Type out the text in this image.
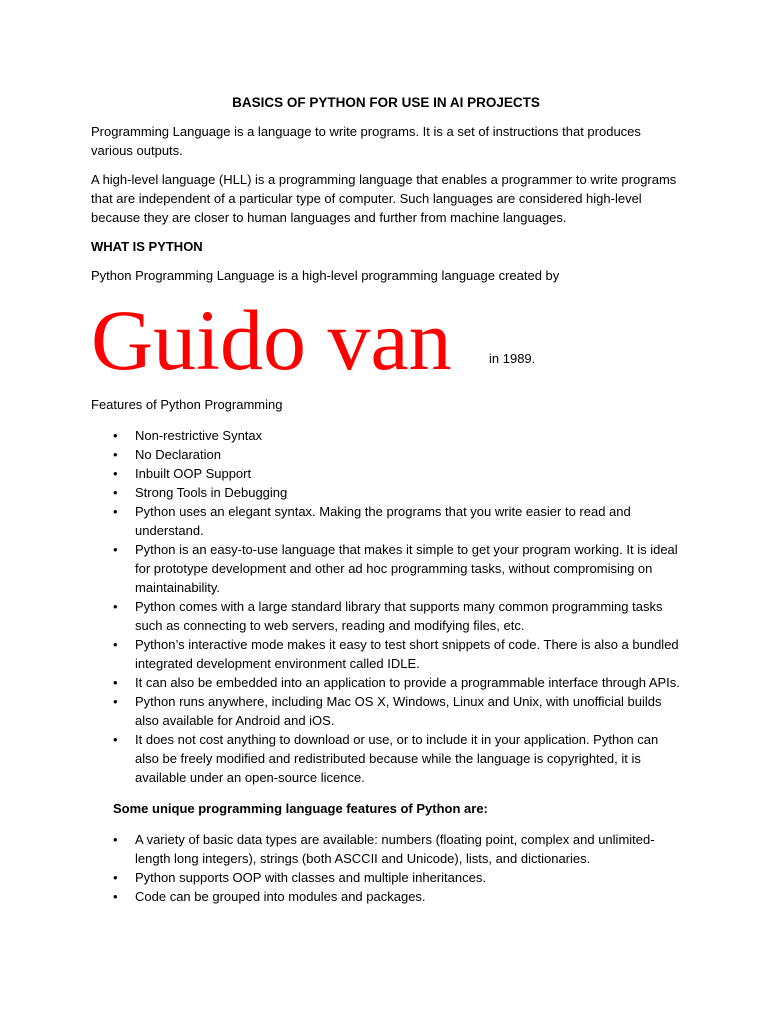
BASICS OF PYTHON FOR USE IN AI PROJECTS

Programming Language is a language to write programs. It is a set of instructions that produces various outputs.

A high-level language (HLL) is a programming language that enables a programmer to write programs that are independent of a particular type of computer. Such languages are considered high-level because they are closer to human languages and further from machine languages.

WHAT IS PYTHON

Python Programming Language is a high-level programming language created by

Guido van	in 1989.
Features of Python Programming
• Non-restrictive Syntax
• No Declaration
• Inbuilt OOP Support
• Strong Tools in Debugging
• Python uses an elegant syntax. Making the programs that you write easier to read and understand.
• Python is an easy-to-use language that makes it simple to get your program working. It is ideal for prototype development and other ad hoc programming tasks, without compromising on maintainability.
• Python comes with a large standard library that supports many common programming tasks such as connecting to web servers, reading and modifying files, etc.
• Python’s interactive mode makes it easy to test short snippets of code. There is also a bundled integrated development environment called IDLE.
• It can also be embedded into an application to provide a programmable interface through APIs.
• Python runs anywhere, including Mac OS X, Windows, Linux and Unix, with unofficial builds also available for Android and iOS.
• It does not cost anything to download or use, or to include it in your application. Python can also be freely modified and redistributed because while the language is copyrighted, it is available under an open-source licence.
Some unique programming language features of Python are:
• A variety of basic data types are available: numbers (floating point, complex and unlimited-length long integers), strings (both ASCCII and Unicode), lists, and dictionaries.
• Python supports OOP with classes and multiple inheritances.
• Code can be grouped into modules and packages.
